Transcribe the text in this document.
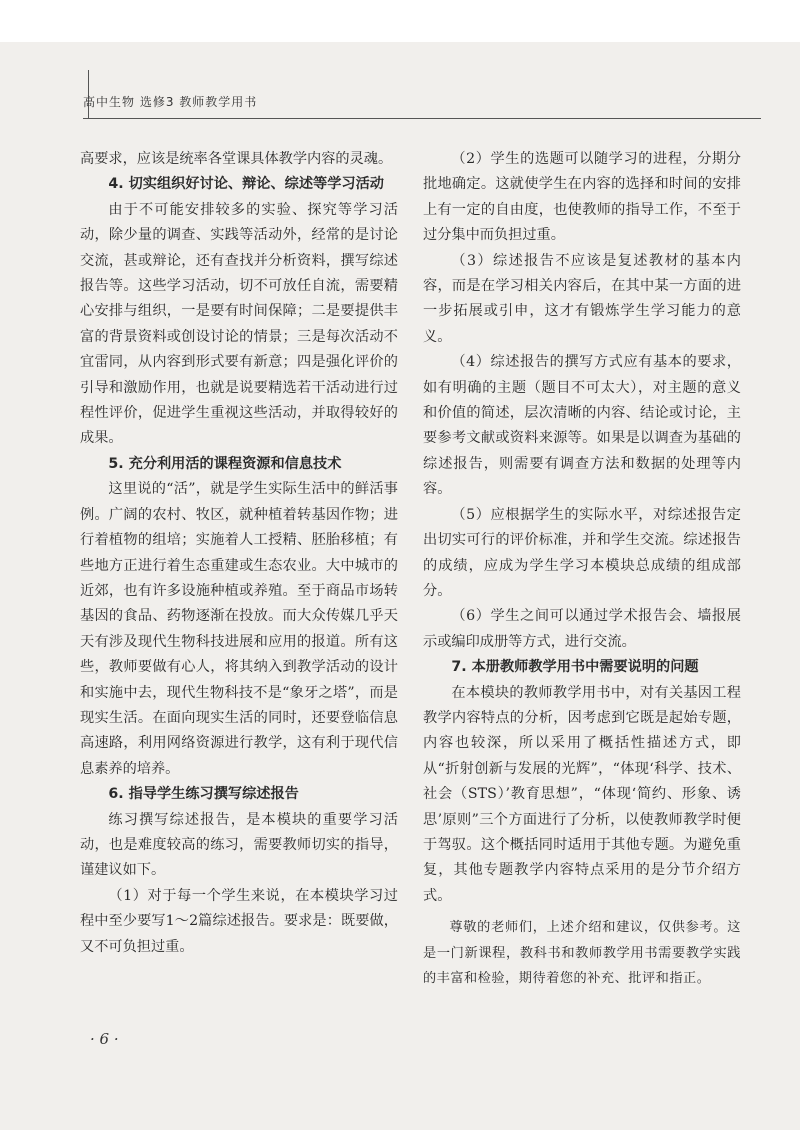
高中生物 选修3 教师教学用书

高要求，应该是统率各堂课具体教学内容的灵魂。

4. 切实组织好讨论、辩论、综述等学习活动

由于不可能安排较多的实验、探究等学习活动，除少量的调查、实践等活动外，经常的是讨论交流，甚或辩论，还有查找并分析资料，撰写综述报告等。这些学习活动，切不可放任自流，需要精心安排与组织，一是要有时间保障；二是要提供丰富的背景资料或创设讨论的情景；三是每次活动不宜雷同，从内容到形式要有新意；四是强化评价的引导和激励作用，也就是说要精选若干活动进行过程性评价，促进学生重视这些活动，并取得较好的成果。

5. 充分利用活的课程资源和信息技术

这里说的“活”，就是学生实际生活中的鲜活事例。广阔的农村、牧区，就种植着转基因作物；进行着植物的组培；实施着人工授精、胚胎移植；有些地方正进行着生态重建或生态农业。大中城市的近郊，也有许多设施种植或养殖。至于商品市场转基因的食品、药物逐渐在投放。而大众传媒几乎天天有涉及现代生物科技进展和应用的报道。所有这些，教师要做有心人，将其纳入到教学活动的设计和实施中去，现代生物科技不是“象牙之塔”，而是现实生活。在面向现实生活的同时，还要登临信息高速路，利用网络资源进行教学，这有利于现代信息素养的培养。

6. 指导学生练习撰写综述报告

练习撰写综述报告，是本模块的重要学习活动，也是难度较高的练习，需要教师切实的指导，谨建议如下。

（1）对于每一个学生来说，在本模块学习过程中至少要写1～2篇综述报告。要求是：既要做，又不可负担过重。

（2）学生的选题可以随学习的进程，分期分批地确定。这就使学生在内容的选择和时间的安排上有一定的自由度，也使教师的指导工作，不至于过分集中而负担过重。

（3）综述报告不应该是复述教材的基本内容，而是在学习相关内容后，在其中某一方面的进一步拓展或引申，这才有锻炼学生学习能力的意义。

（4）综述报告的撰写方式应有基本的要求，如有明确的主题（题目不可太大），对主题的意义和价值的简述，层次清晰的内容、结论或讨论，主要参考文献或资料来源等。如果是以调查为基础的综述报告，则需要有调查方法和数据的处理等内容。

（5）应根据学生的实际水平，对综述报告定出切实可行的评价标准，并和学生交流。综述报告的成绩，应成为学生学习本模块总成绩的组成部分。

（6）学生之间可以通过学术报告会、墙报展示或编印成册等方式，进行交流。

7. 本册教师教学用书中需要说明的问题

在本模块的教师教学用书中，对有关基因工程教学内容特点的分析，因考虑到它既是起始专题，内容也较深，所以采用了概括性描述方式，即从“折射创新与发展的光辉”，“体现‘科学、技术、社会（STS）’教育思想”，“体现‘简约、形象、诱思’原则”三个方面进行了分析，以使教师教学时便于驾驭。这个概括同时适用于其他专题。为避免重复，其他专题教学内容特点采用的是分节介绍方式。

尊敬的老师们，上述介绍和建议，仅供参考。这是一门新课程，教科书和教师教学用书需要教学实践的丰富和检验，期待着您的补充、批评和指正。

· 6 ·
